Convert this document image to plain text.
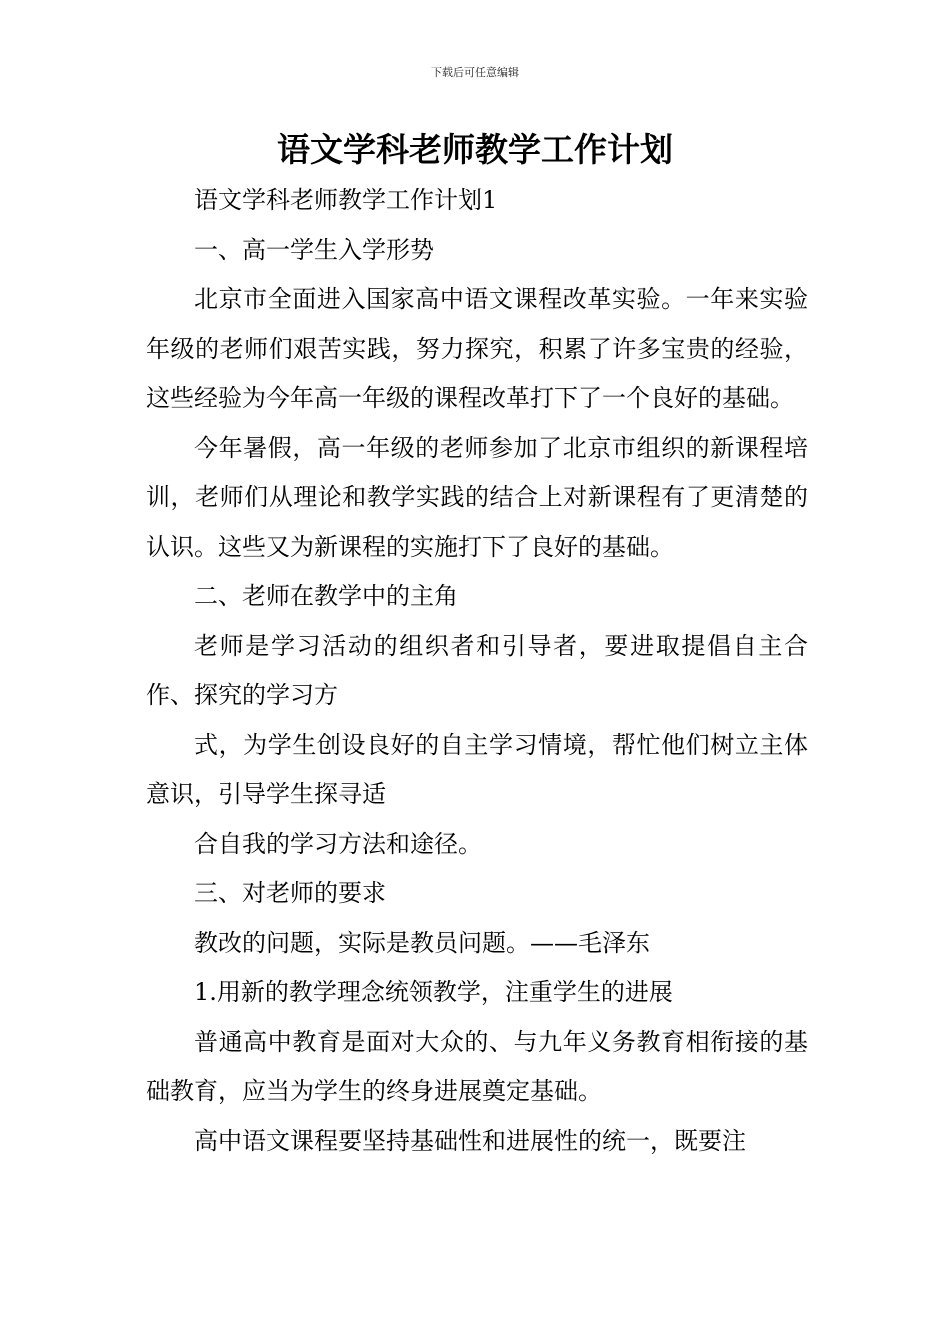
下载后可任意编辑
语文学科老师教学工作计划

语文学科老师教学工作计划1

一、高一学生入学形势

北京市全面进入国家高中语文课程改革实验。一年来实验年级的老师们艰苦实践，努力探究，积累了许多宝贵的经验，这些经验为今年高一年级的课程改革打下了一个良好的基础。

今年暑假，高一年级的老师参加了北京市组织的新课程培训，老师们从理论和教学实践的结合上对新课程有了更清楚的认识。这些又为新课程的实施打下了良好的基础。

二、老师在教学中的主角

老师是学习活动的组织者和引导者，要进取提倡自主合作、探究的学习方

式，为学生创设良好的自主学习情境，帮忙他们树立主体意识，引导学生探寻适

合自我的学习方法和途径。

三、对老师的要求

教改的问题，实际是教员问题。——毛泽东

1.用新的教学理念统领教学，注重学生的进展

普通高中教育是面对大众的、与九年义务教育相衔接的基础教育，应当为学生的终身进展奠定基础。

高中语文课程要坚持基础性和进展性的统一，既要注
